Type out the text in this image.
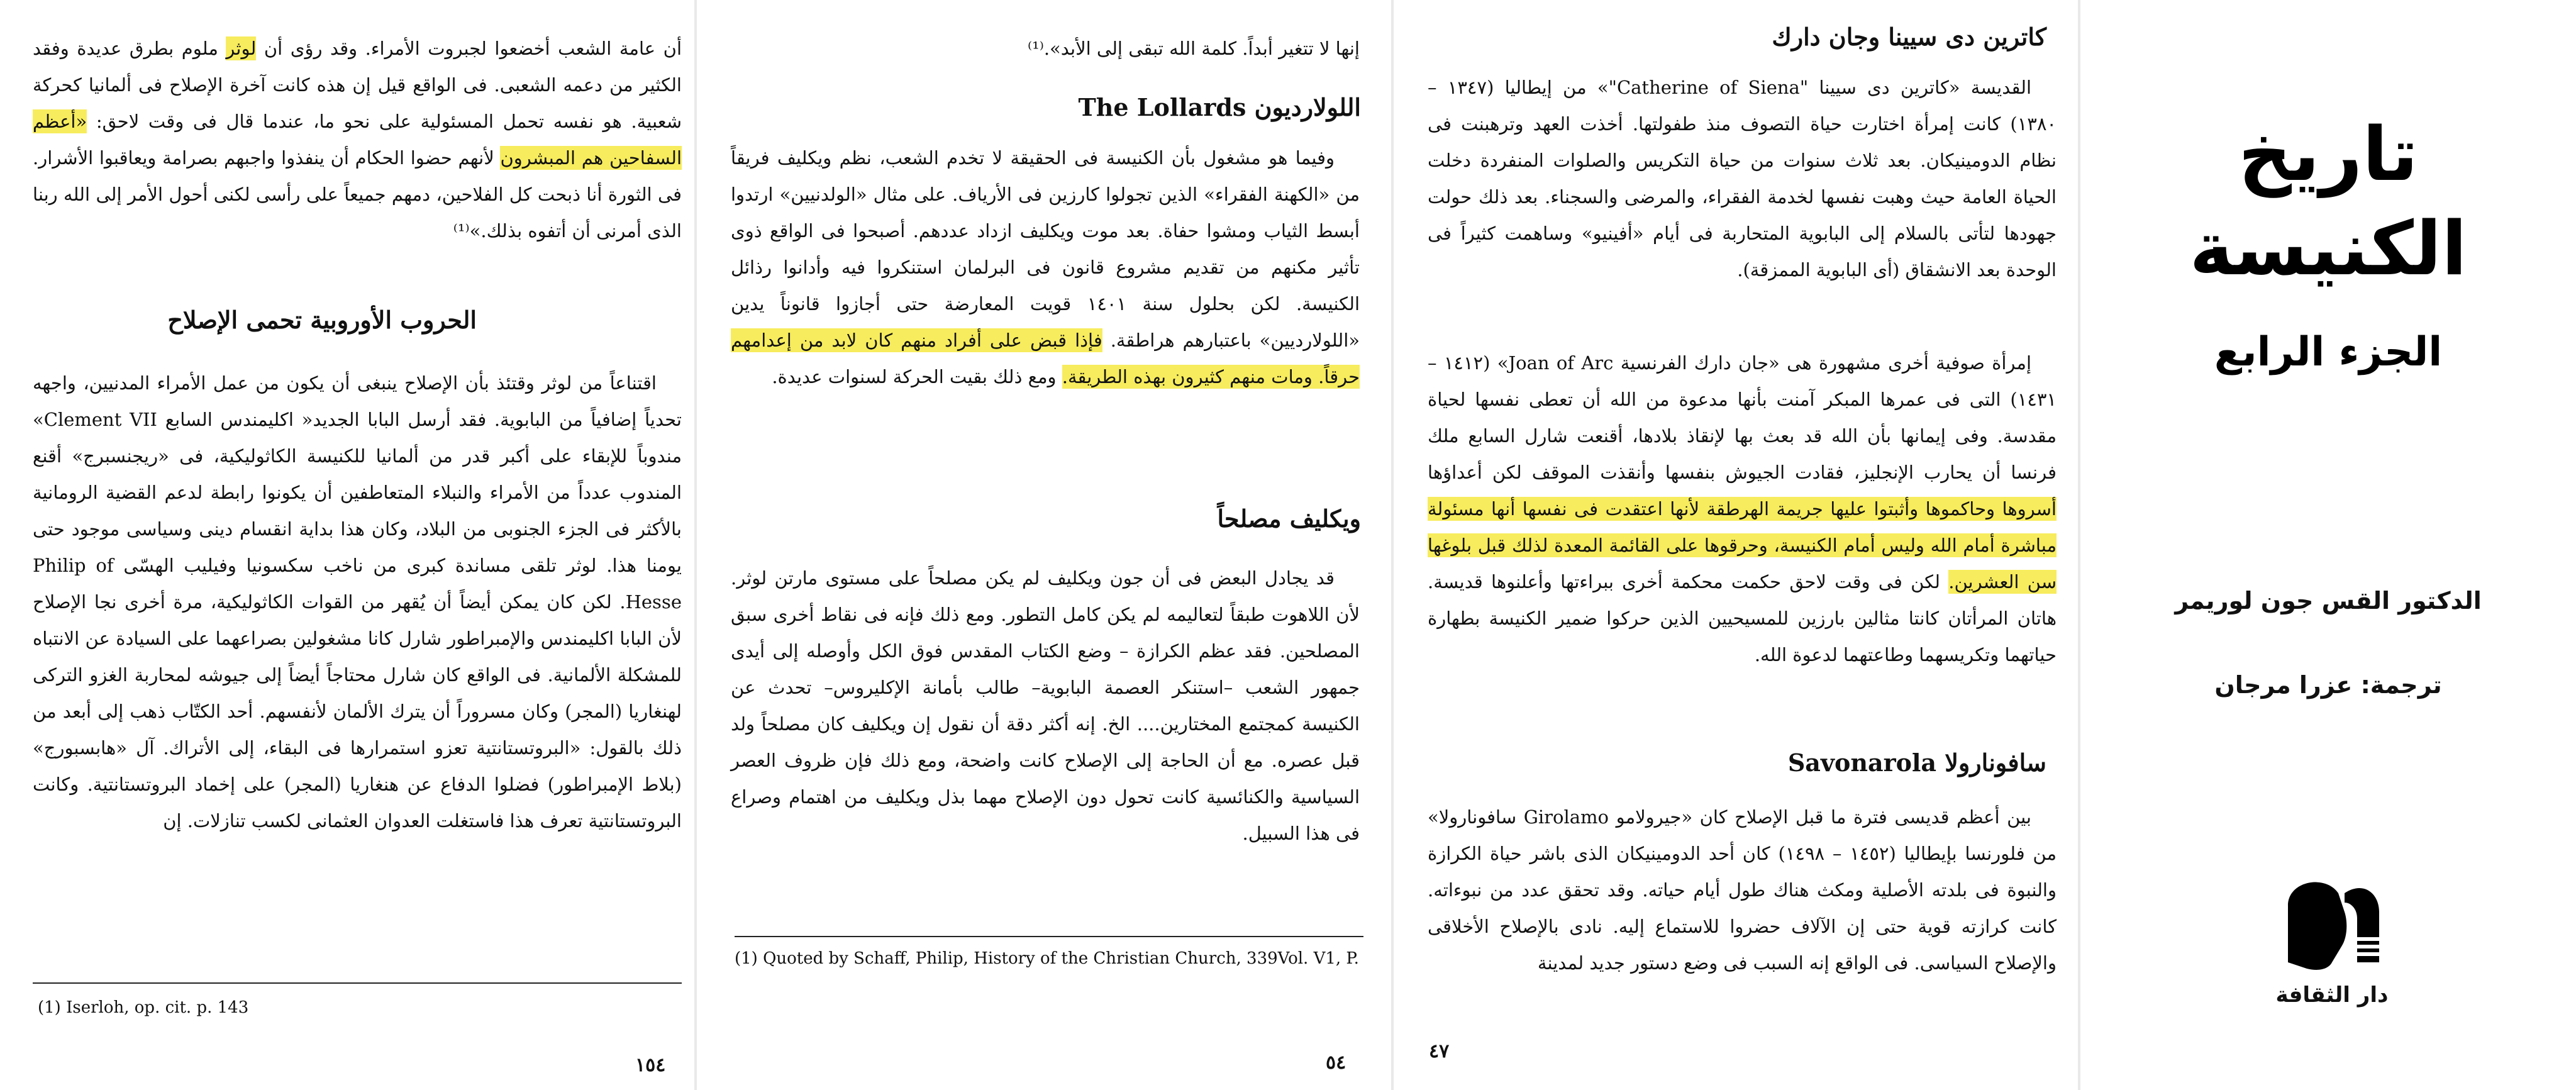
أن عامة الشعب أخضعوا لجبروت الأمراء. وقد رؤى أن لوثر ملوم بطرق عديدة وفقد الكثير من دعمه الشعبى. فى الواقع قيل إن هذه كانت آخرة الإصلاح فى ألمانيا كحركة شعبية. هو نفسه تحمل المسئولية على نحو ما، عندما قال فى وقت لاحق: «أعظم السفاحين هم المبشرون لأنهم حضوا الحكام أن ينفذوا واجبهم بصرامة ويعاقبوا الأشرار. فى الثورة أنا ذبحت كل الفلاحين، دمهم جميعاً على رأسى لكنى أحول الأمر إلى الله ربنا الذى أمرنى أن أتفوه بذلك.»⁽¹⁾

الحروب الأوروبية تحمى الإصلاح

اقتناعاً من لوثر وقتئذ بأن الإصلاح ينبغى أن يكون من عمل الأمراء المدنيين، واجهه تحدياً إضافياً من البابوية. فقد أرسل البابا الجديد« اكليمندس السابع Clement VII» مندوباً للإبقاء على أكبر قدر من ألمانيا للكنيسة الكاثوليكية، فى «ريجنسبرج» أقنع المندوب عدداً من الأمراء والنبلاء المتعاطفين أن يكونوا رابطة لدعم القضية الرومانية بالأكثر فى الجزء الجنوبى من البلاد، وكان هذا بداية انقسام دينى وسياسى موجود حتى يومنا هذا. لوثر تلقى مساندة كبرى من ناخب سكسونيا وفيليب الهسّى Philip of Hesse. لكن كان يمكن أيضاً أن يُقهر من القوات الكاثوليكية، مرة أخرى نجا الإصلاح لأن البابا اكليمندس والإمبراطور شارل كانا مشغولين بصراعهما على السيادة عن الانتباه للمشكلة الألمانية. فى الواقع كان شارل محتاجاً أيضاً إلى جيوشه لمحاربة الغزو التركى لهنغاريا (المجر) وكان مسروراً أن يترك الألمان لأنفسهم. أحد الكتّاب ذهب إلى أبعد من ذلك بالقول: «البروتستانتية تعزو استمرارها فى البقاء، إلى الأتراك. آل «هابسبورج» (بلاط الإمبراطور) فضلوا الدفاع عن هنغاريا (المجر) على إخماد البروتستانتية. وكانت البروتستانتية تعرف هذا فاستغلت العدوان العثمانى لكسب تنازلات. إن

(1) Iserloh, op. cit. p. 143

١٥٤

إنها لا تتغير أبداً. كلمة الله تبقى إلى الأبد».⁽¹⁾

اللولارديون The Lollards

وفيما هو مشغول بأن الكنيسة فى الحقيقة لا تخدم الشعب، نظم ويكليف فريقاً من «الكهنة الفقراء» الذين تجولوا كارزين فى الأرياف. على مثال «الولدنيين» ارتدوا أبسط الثياب ومشوا حفاة. بعد موت ويكليف ازداد عددهم. أصبحوا فى الواقع ذوى تأثير مكنهم من تقديم مشروع قانون فى البرلمان استنكروا فيه وأدانوا رذائل الكنيسة. لكن بحلول سنة ١٤٠١ قويت المعارضة حتى أجازوا قانوناً يدين «اللولارديين» باعتبارهم هراطقة. فإذا قبض على أفراد منهم كان لابد من إعدامهم حرقاً. ومات منهم كثيرون بهذه الطريقة. ومع ذلك بقيت الحركة لسنوات عديدة.

ويكليف مصلحاً

قد يجادل البعض فى أن جون ويكليف لم يكن مصلحاً على مستوى مارتن لوثر. لأن اللاهوت طبقاً لتعاليمه لم يكن كامل التطور. ومع ذلك فإنه فى نقاط أخرى سبق المصلحين. فقد عظم الكرازة – وضع الكتاب المقدس فوق الكل وأوصله إلى أيدى جمهور الشعب –استنكر العصمة البابوية– طالب بأمانة الإكليروس– تحدث عن الكنيسة كمجتمع المختارين.... الخ. إنه أكثر دقة أن نقول إن ويكليف كان مصلحاً ولد قبل عصره. مع أن الحاجة إلى الإصلاح كانت واضحة، ومع ذلك فإن ظروف العصر السياسية والكنائسية كانت تحول دون الإصلاح مهما بذل ويكليف من اهتمام وصراع فى هذا السبيل.

(1) Quoted by Schaff, Philip, History of the Christian Church, 339Vol. V1, P.

٥٤

كاترين دى سيينا وجان دارك

القديسة «كاترين دى سيينا "Catherine of Siena"» من إيطاليا (١٣٤٧ – ١٣٨٠) كانت إمرأة اختارت حياة التصوف منذ طفولتها. أخذت العهد وترهبنت فى نظام الدومينيكان. بعد ثلاث سنوات من حياة التكريس والصلوات المنفردة دخلت الحياة العامة حيث وهبت نفسها لخدمة الفقراء، والمرضى والسجناء. بعد ذلك حولت جهودها لتأتى بالسلام إلى البابوية المتحاربة فى أيام «أفينيو» وساهمت كثيراً فى الوحدة بعد الانشقاق (أى البابوية الممزقة).

إمرأة صوفية أخرى مشهورة هى «جان دارك الفرنسية Joan of Arc» (١٤١٢ – ١٤٣١) التى فى عمرها المبكر آمنت بأنها مدعوة من الله أن تعطى نفسها لحياة مقدسة. وفى إيمانها بأن الله قد بعث بها لإنقاذ بلادها، أقنعت شارل السابع ملك فرنسا أن يحارب الإنجليز، فقادت الجيوش بنفسها وأنقذت الموقف لكن أعداؤها أسروها وحاكموها وأثبتوا عليها جريمة الهرطقة لأنها اعتقدت فى نفسها أنها مسئولة مباشرة أمام الله وليس أمام الكنيسة، وحرقوها على القائمة المعدة لذلك قبل بلوغها سن العشرين. لكن فى وقت لاحق حكمت محكمة أخرى ببراءتها وأعلنوها قديسة. هاتان المرأتان كانتا مثالين بارزين للمسيحيين الذين حركوا ضمير الكنيسة بطهارة حياتهما وتكريسهما وطاعتهما لدعوة الله.

سافونارولا Savonarola

بين أعظم قديسى فترة ما قبل الإصلاح كان «جيرولامو Girolamo سافونارولا» من فلورنسا بإيطاليا (١٤٥٢ – ١٤٩٨) كان أحد الدومينيكان الذى باشر حياة الكرازة والنبوة فى بلدته الأصلية ومكث هناك طول أيام حياته. وقد تحقق عدد من نبوءاته. كانت كرازته قوية حتى إن الآلاف حضروا للاستماع إليه. نادى بالإصلاح الأخلاقى والإصلاح السياسى. فى الواقع إنه السبب فى وضع دستور جديد لمدينة

٤٧

تاريخ الكنيسة
الجزء الرابع

الدكتور القس جون لوريمر

ترجمة: عزرا مرجان

دار الثقافة
